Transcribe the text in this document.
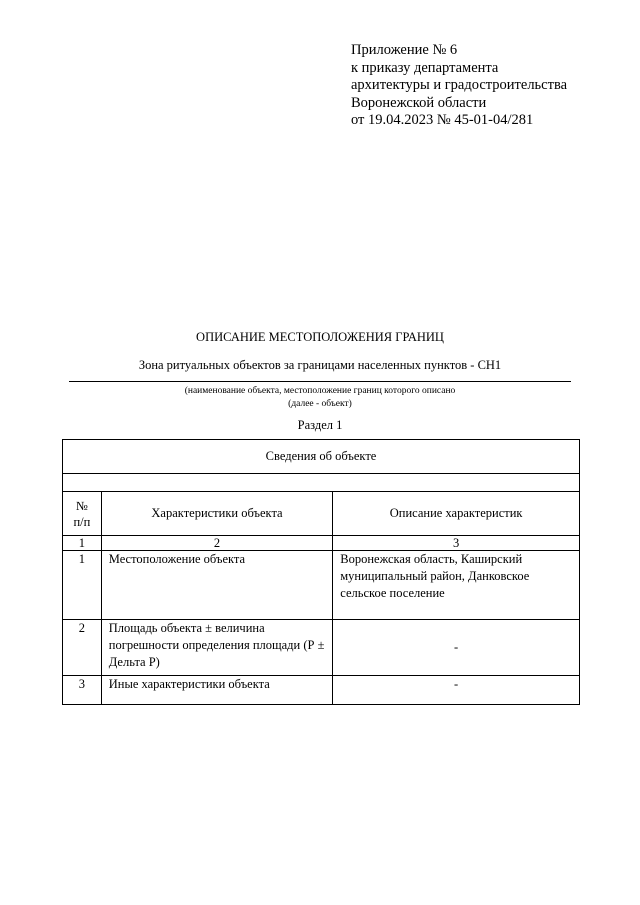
Приложение № 6
к приказу департамента
архитектуры и градостроительства
Воронежской области
от 19.04.2023 № 45-01-04/281
ОПИСАНИЕ МЕСТОПОЛОЖЕНИЯ ГРАНИЦ
Зона ритуальных объектов за границами населенных пунктов - СН1
(наименование объекта, местоположение границ которого описано
(далее - объект)
Раздел 1
Сведения об объекте		

№ п/п	Характеристики объекта	Описание характеристик
1	2	3
1	Местоположение объекта	Воронежская область, Каширский муниципальный район, Данковское сельское поселение
2	Площадь объекта ± величина погрешности определения площади (Р ± Дельта Р)	-
3	Иные характеристики объекта	-
